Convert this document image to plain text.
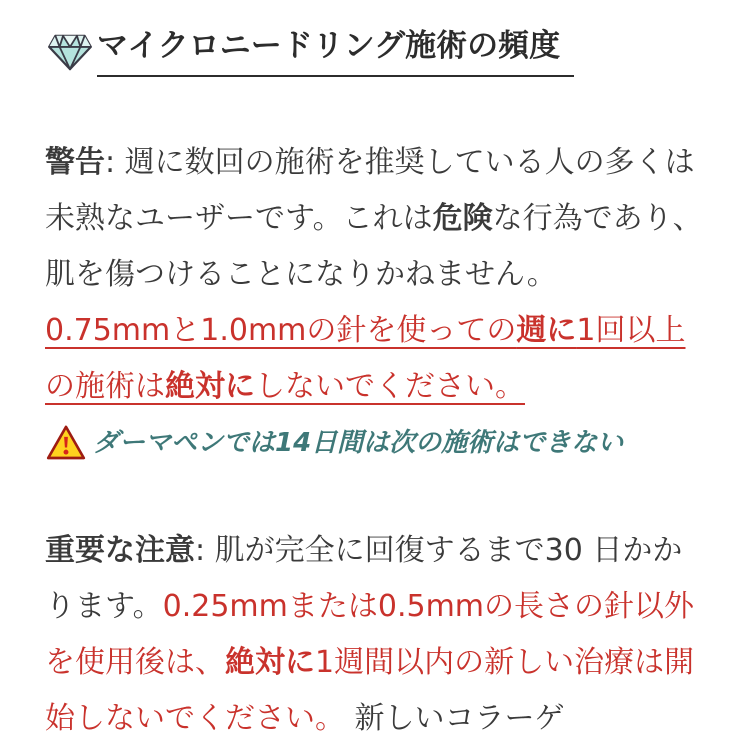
マイクロニードリング施術の頻度

警告: 週に数回の施術を推奨している人の多くは未熟なユーザーです。これは危険な行為であり、肌を傷つけることになりかねません。

0.75mmと1.0mmの針を使っての週に1回以上の施術は絶対にしないでください。

ダーマペンでは14日間は次の施術はできない

重要な注意: 肌が完全に回復するまで30 日かかります。0.25mmまたは0.5mmの長さの針以外を使用後は、絶対に1週間以内の新しい治療は開始しないでください。 新しいコラーゲ
